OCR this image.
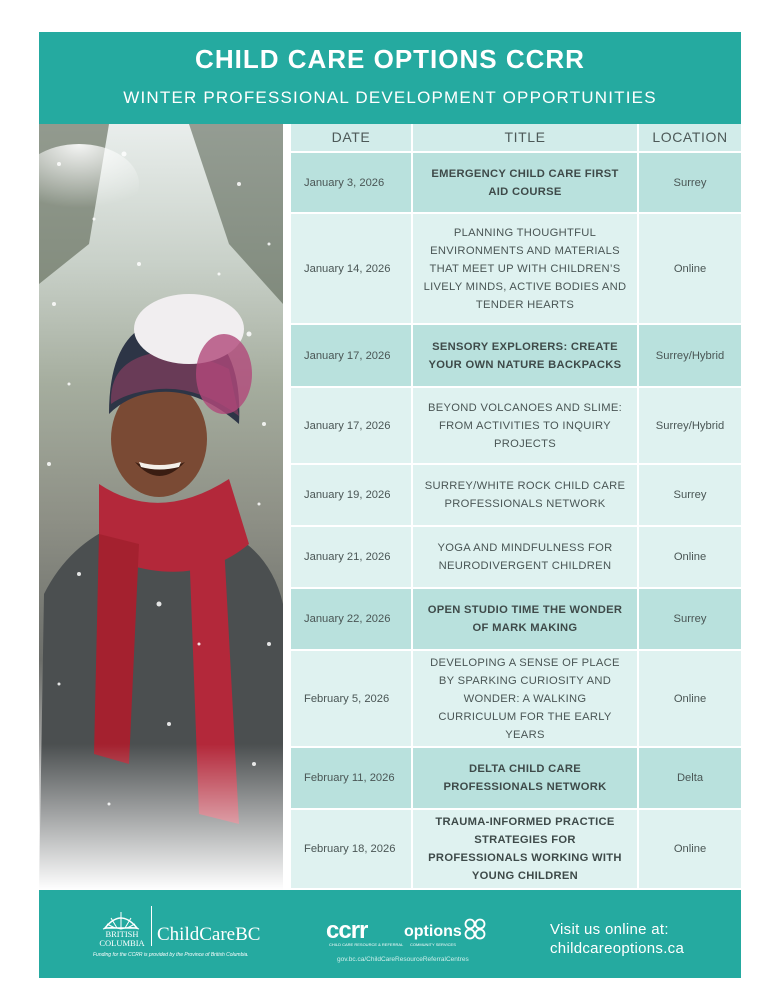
CHILD CARE OPTIONS CCRR
WINTER PROFESSIONAL DEVELOPMENT OPPORTUNITIES
DATE	TITLE	LOCATION
January 3, 2026
EMERGENCY CHILD CARE FIRST AID COURSE
Surrey
January 14, 2026
PLANNING THOUGHTFUL ENVIRONMENTS AND MATERIALS THAT MEET UP WITH CHILDREN’S LIVELY MINDS, ACTIVE BODIES AND TENDER HEARTS
Online
January 17, 2026
SENSORY EXPLORERS: CREATE YOUR OWN NATURE BACKPACKS
Surrey/Hybrid
January 17, 2026
BEYOND VOLCANOES AND SLIME: FROM ACTIVITIES TO INQUIRY PROJECTS
Surrey/Hybrid
January 19, 2026
SURREY/WHITE ROCK CHILD CARE PROFESSIONALS NETWORK
Surrey
January 21, 2026
YOGA AND MINDFULNESS FOR NEURODIVERGENT CHILDREN
Online
January 22, 2026
OPEN STUDIO TIME THE WONDER OF MARK MAKING
Surrey
February 5, 2026
DEVELOPING A SENSE OF PLACE BY SPARKING CURIOSITY AND WONDER: A WALKING CURRICULUM FOR THE EARLY YEARS
Online
February 11, 2026
DELTA CHILD CARE PROFESSIONALS NETWORK
Delta
February 18, 2026
TRAUMA-INFORMED PRACTICE STRATEGIES FOR PROFESSIONALS WORKING WITH YOUNG CHILDREN
Online
BRITISH COLUMBIA ChildCareBC
Funding for the CCRR is provided by the Province of British Columbia.
ccrr
CHILD CARE RESOURCE & REFERRAL
options
COMMUNITY SERVICES
gov.bc.ca/ChildCareResourceReferralCentres
Visit us online at:
childcareoptions.ca
